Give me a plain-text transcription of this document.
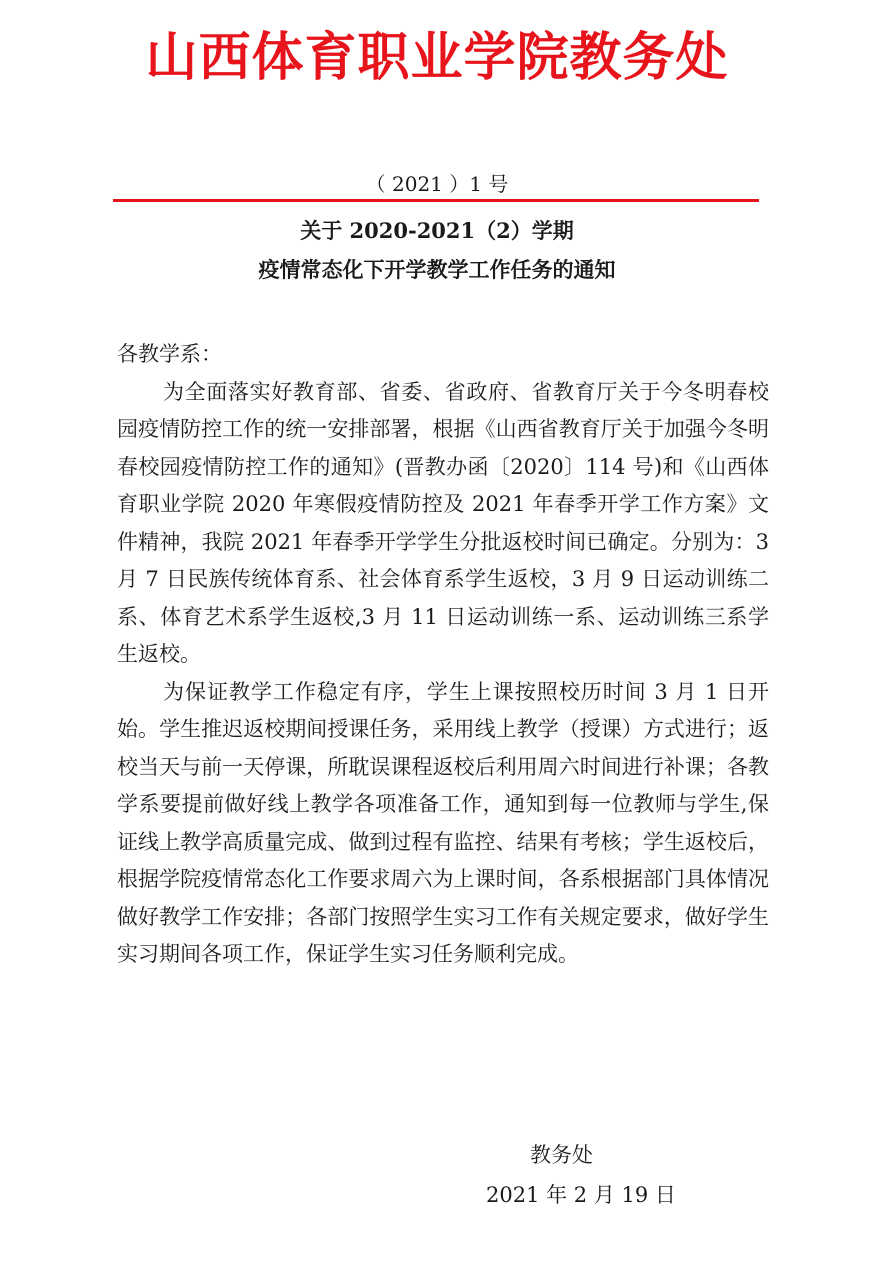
山西体育职业学院教务处
（ 2021 ）1 号
关于 2020-2021（2）学期
疫情常态化下开学教学工作任务的通知

各教学系：

为全面落实好教育部、省委、省政府、省教育厅关于今冬明春校园疫情防控工作的统一安排部署，根据《山西省教育厅关于加强今冬明春校园疫情防控工作的通知》(晋教办函〔2020〕114 号)和《山西体育职业学院 2020 年寒假疫情防控及 2021 年春季开学工作方案》文件精神，我院 2021 年春季开学学生分批返校时间已确定。分别为：3 月 7 日民族传统体育系、社会体育系学生返校，3 月 9 日运动训练二系、体育艺术系学生返校,3 月 11 日运动训练一系、运动训练三系学生返校。

为保证教学工作稳定有序，学生上课按照校历时间 3 月 1 日开始。学生推迟返校期间授课任务，采用线上教学（授课）方式进行；返校当天与前一天停课，所耽误课程返校后利用周六时间进行补课；各教学系要提前做好线上教学各项准备工作，通知到每一位教师与学生,保证线上教学高质量完成、做到过程有监控、结果有考核；学生返校后，根据学院疫情常态化工作要求周六为上课时间，各系根据部门具体情况做好教学工作安排；各部门按照学生实习工作有关规定要求，做好学生实习期间各项工作，保证学生实习任务顺利完成。

教务处
2021 年 2 月 19 日
